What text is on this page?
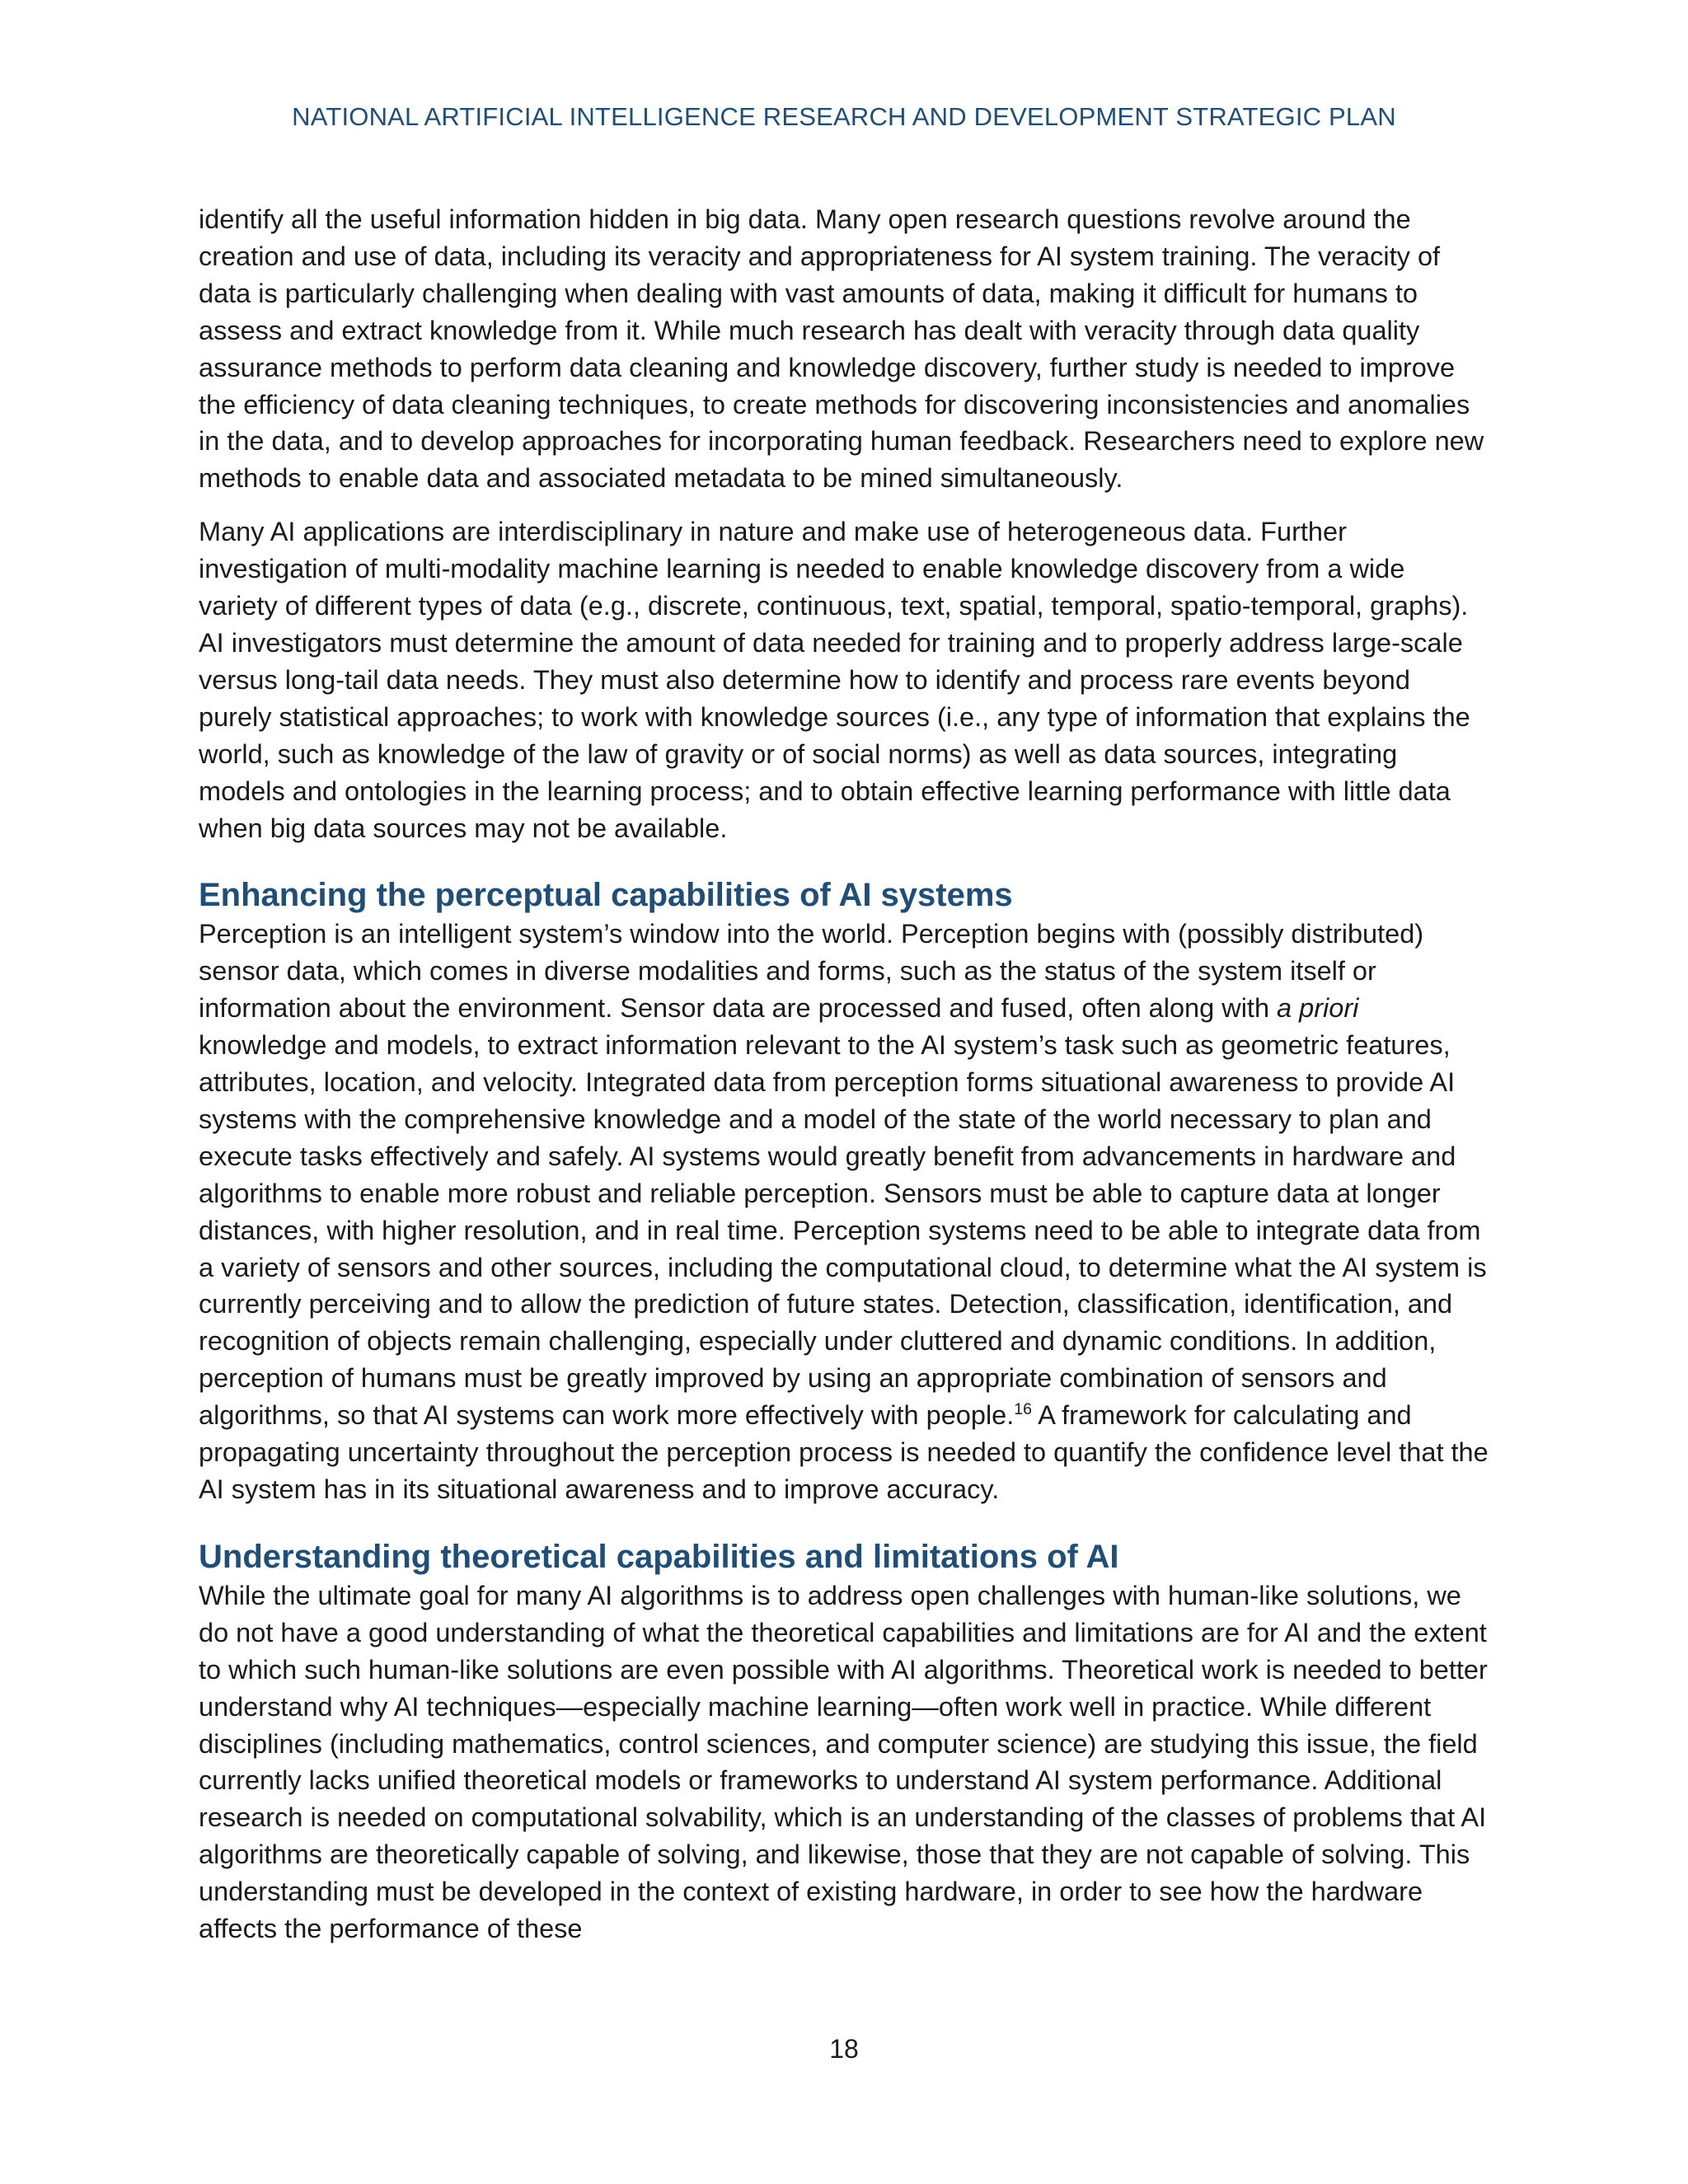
NATIONAL ARTIFICIAL INTELLIGENCE RESEARCH AND DEVELOPMENT STRATEGIC PLAN

identify all the useful information hidden in big data. Many open research questions revolve around the creation and use of data, including its veracity and appropriateness for AI system training. The veracity of data is particularly challenging when dealing with vast amounts of data, making it difficult for humans to assess and extract knowledge from it. While much research has dealt with veracity through data quality assurance methods to perform data cleaning and knowledge discovery, further study is needed to improve the efficiency of data cleaning techniques, to create methods for discovering inconsistencies and anomalies in the data, and to develop approaches for incorporating human feedback. Researchers need to explore new methods to enable data and associated metadata to be mined simultaneously.

Many AI applications are interdisciplinary in nature and make use of heterogeneous data. Further investigation of multi-modality machine learning is needed to enable knowledge discovery from a wide variety of different types of data (e.g., discrete, continuous, text, spatial, temporal, spatio-temporal, graphs). AI investigators must determine the amount of data needed for training and to properly address large-scale versus long-tail data needs. They must also determine how to identify and process rare events beyond purely statistical approaches; to work with knowledge sources (i.e., any type of information that explains the world, such as knowledge of the law of gravity or of social norms) as well as data sources, integrating models and ontologies in the learning process; and to obtain effective learning performance with little data when big data sources may not be available.

Enhancing the perceptual capabilities of AI systems

Perception is an intelligent system’s window into the world. Perception begins with (possibly distributed) sensor data, which comes in diverse modalities and forms, such as the status of the system itself or information about the environment. Sensor data are processed and fused, often along with a priori knowledge and models, to extract information relevant to the AI system’s task such as geometric features, attributes, location, and velocity. Integrated data from perception forms situational awareness to provide AI systems with the comprehensive knowledge and a model of the state of the world necessary to plan and execute tasks effectively and safely. AI systems would greatly benefit from advancements in hardware and algorithms to enable more robust and reliable perception. Sensors must be able to capture data at longer distances, with higher resolution, and in real time. Perception systems need to be able to integrate data from a variety of sensors and other sources, including the computational cloud, to determine what the AI system is currently perceiving and to allow the prediction of future states. Detection, classification, identification, and recognition of objects remain challenging, especially under cluttered and dynamic conditions. In addition, perception of humans must be greatly improved by using an appropriate combination of sensors and algorithms, so that AI systems can work more effectively with people.$^{16}$ A framework for calculating and propagating uncertainty throughout the perception process is needed to quantify the confidence level that the AI system has in its situational awareness and to improve accuracy.

Understanding theoretical capabilities and limitations of AI

While the ultimate goal for many AI algorithms is to address open challenges with human-like solutions, we do not have a good understanding of what the theoretical capabilities and limitations are for AI and the extent to which such human-like solutions are even possible with AI algorithms. Theoretical work is needed to better understand why AI techniques—especially machine learning—often work well in practice. While different disciplines (including mathematics, control sciences, and computer science) are studying this issue, the field currently lacks unified theoretical models or frameworks to understand AI system performance. Additional research is needed on computational solvability, which is an understanding of the classes of problems that AI algorithms are theoretically capable of solving, and likewise, those that they are not capable of solving. This understanding must be developed in the context of existing hardware, in order to see how the hardware affects the performance of these

18
